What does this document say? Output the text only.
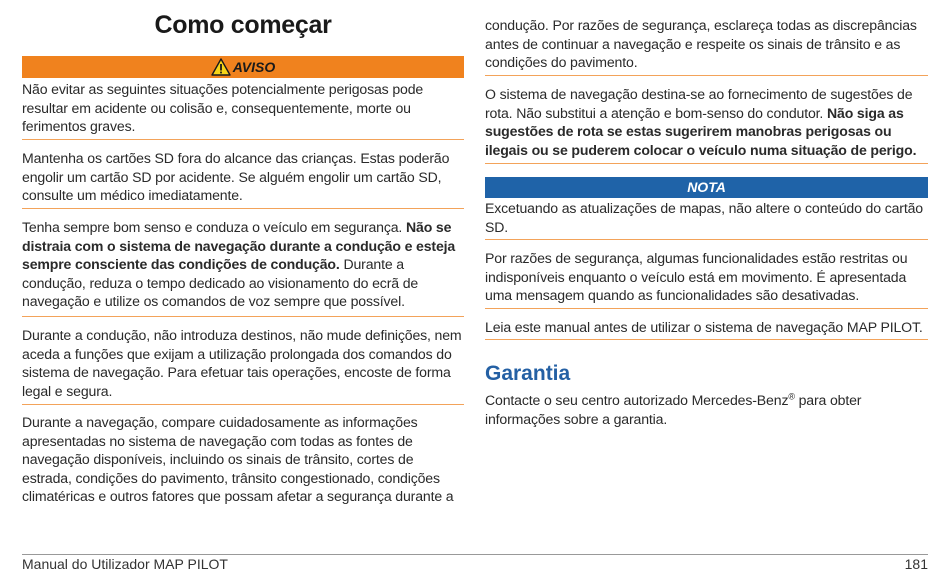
Como começar
AVISO
Não evitar as seguintes situações potencialmente perigosas pode resultar em acidente ou colisão e, consequentemente, morte ou ferimentos graves.
Mantenha os cartões SD fora do alcance das crianças. Estas poderão engolir um cartão SD por acidente. Se alguém engolir um cartão SD, consulte um médico imediatamente.
Tenha sempre bom senso e conduza o veículo em segurança. Não se distraia com o sistema de navegação durante a condução e esteja sempre consciente das condições de condução. Durante a condução, reduza o tempo dedicado ao visionamento do ecrã de navegação e utilize os comandos de voz sempre que possível.
Durante a condução, não introduza destinos, não mude definições, nem aceda a funções que exijam a utilização prolongada dos comandos do sistema de navegação. Para efetuar tais operações, encoste de forma legal e segura.
Durante a navegação, compare cuidadosamente as informações apresentadas no sistema de navegação com todas as fontes de navegação disponíveis, incluindo os sinais de trânsito, cortes de estrada, condições do pavimento, trânsito congestionado, condições climatéricas e outros fatores que possam afetar a segurança durante a
condução. Por razões de segurança, esclareça todas as discrepâncias antes de continuar a navegação e respeite os sinais de trânsito e as condições do pavimento.
O sistema de navegação destina-se ao fornecimento de sugestões de rota. Não substitui a atenção e bom-senso do condutor. Não siga as sugestões de rota se estas sugerirem manobras perigosas ou ilegais ou se puderem colocar o veículo numa situação de perigo.
NOTA
Excetuando as atualizações de mapas, não altere o conteúdo do cartão SD.
Por razões de segurança, algumas funcionalidades estão restritas ou indisponíveis enquanto o veículo está em movimento. É apresentada uma mensagem quando as funcionalidades são desativadas.
Leia este manual antes de utilizar o sistema de navegação MAP PILOT.
Garantia
Contacte o seu centro autorizado Mercedes-Benz® para obter informações sobre a garantia.
Manual do Utilizador MAP PILOT	181
